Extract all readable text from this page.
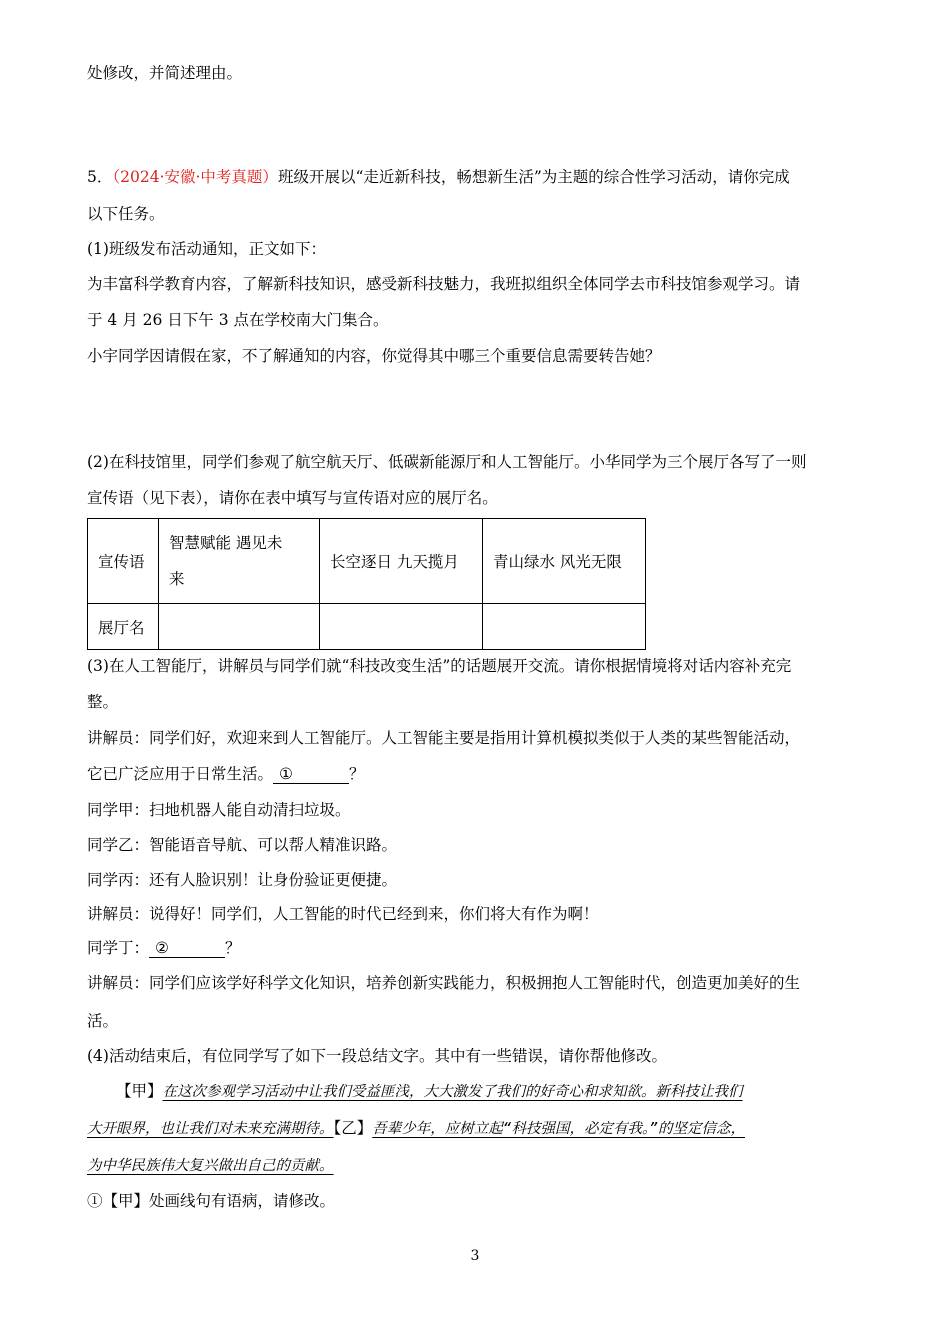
处修改，并简述理由。
5．（2024·安徽·中考真题）班级开展以“走近新科技，畅想新生活”为主题的综合性学习活动，请你完成
以下任务。
(1)班级发布活动通知，正文如下：
为丰富科学教育内容，了解新科技知识，感受新科技魅力，我班拟组织全体同学去市科技馆参观学习。请
于 4 月 26 日下午 3 点在学校南大门集合。
小宇同学因请假在家，不了解通知的内容，你觉得其中哪三个重要信息需要转告她？
(2)在科技馆里，同学们参观了航空航天厅、低碳新能源厅和人工智能厅。小华同学为三个展厅各写了一则
宣传语（见下表），请你在表中填写与宣传语对应的展厅名。
宣传语	智慧赋能 遇见未
来	长空逐日 九天揽月	青山绿水 风光无限
展厅名			
(3)在人工智能厅，讲解员与同学们就“科技改变生活”的话题展开交流。请你根据情境将对话内容补充完
整。
讲解员：同学们好，欢迎来到人工智能厅。人工智能主要是指用计算机模拟类似于人类的某些智能活动，
它已广泛应用于日常生活。 ①	？
同学甲：扫地机器人能自动清扫垃圾。
同学乙：智能语音导航、可以帮人精准识路。
同学丙：还有人脸识别！让身份验证更便捷。
讲解员：说得好！同学们，人工智能的时代已经到来，你们将大有作为啊！
同学丁： ②	？
讲解员：同学们应该学好科学文化知识，培养创新实践能力，积极拥抱人工智能时代，创造更加美好的生
活。
(4)活动结束后，有位同学写了如下一段总结文字。其中有一些错误，请你帮他修改。
【甲】在这次参观学习活动中让我们受益匪浅，大大激发了我们的好奇心和求知欲。新科技让我们
大开眼界，也让我们对未来充满期待。【乙】吾辈少年，应树立起“科技强国，必定有我。”的坚定信念，
为中华民族伟大复兴做出自己的贡献。
①【甲】处画线句有语病，请修改。
3
